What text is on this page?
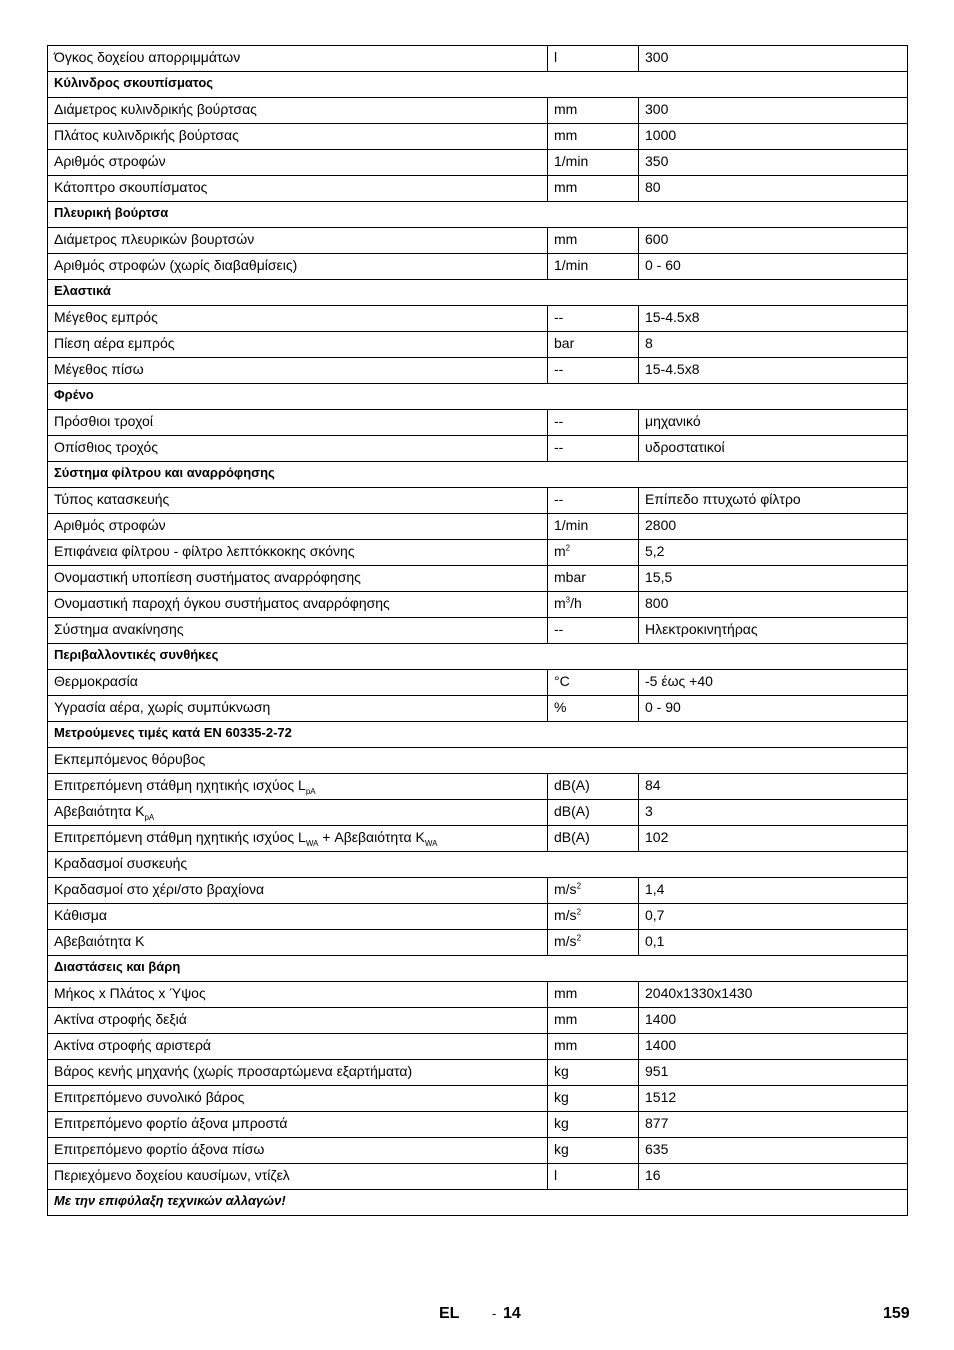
Όγκος δοχείου απορριμμάτων	l	300
Κύλινδρος σκουπίσματος		
Διάμετρος κυλινδρικής βούρτσας	mm	300
Πλάτος κυλινδρικής βούρτσας	mm	1000
Αριθμός στροφών	1/min	350
Κάτοπτρο σκουπίσματος	mm	80
Πλευρική βούρτσα		
Διάμετρος πλευρικών βουρτσών	mm	600
Αριθμός στροφών (χωρίς διαβαθμίσεις)	1/min	0 - 60
Ελαστικά		
Μέγεθος εμπρός	--	15-4.5x8
Πίεση αέρα εμπρός	bar	8
Μέγεθος πίσω	--	15-4.5x8
Φρένο		
Πρόσθιοι τροχοί	--	μηχανικό
Οπίσθιος τροχός	--	υδροστατικοί
Σύστημα φίλτρου και αναρρόφησης		
Τύπος κατασκευής	--	Επίπεδο πτυχωτό φίλτρο
Αριθμός στροφών	1/min	2800
Επιφάνεια φίλτρου - φίλτρο λεπτόκκοκης σκόνης	$m^2$	5,2
Ονομαστική υποπίεση συστήματος αναρρόφησης	mbar	15,5
Ονομαστική παροχή όγκου συστήματος αναρρόφησης	$m^3/h$	800
Σύστημα ανακίνησης	--	Ηλεκτροκινητήρας
Περιβαλλοντικές συνθήκες		
Θερμοκρασία	°C	-5 έως +40
Υγρασία αέρα, χωρίς συμπύκνωση	%	0 - 90
Μετρούμενες τιμές κατά EN 60335-2-72		
Εκπεμπόμενος θόρυβος		
Επιτρεπόμενη στάθμη ηχητικής ισχύος $L_{pA}$	dB(A)	84
Αβεβαιότητα $K_{pA}$	dB(A)	3
Επιτρεπόμενη στάθμη ηχητικής ισχύος $L_{WA} + A\beta\varepsilon\beta\alpha\iota ό\tau\eta\tau\alpha$ $K_{WA}$	dB(A)	102
Κραδασμοί συσκευής		
Κραδασμοί στο χέρι/στο βραχίονα	$m/s^2$	1,4
Κάθισμα	$m/s^2$	0,7
Αβεβαιότητα K	$m/s^2$	0,1
Διαστάσεις και βάρη		
Μήκος x Πλάτος x Ύψος	mm	2040x1330x1430
Ακτίνα στροφής δεξιά	mm	1400
Ακτίνα στροφής αριστερά	mm	1400
Βάρος κενής μηχανής (χωρίς προσαρτώμενα εξαρτήματα)	kg	951
Επιτρεπόμενο συνολικό βάρος	kg	1512
Επιτρεπόμενο φορτίο άξονα μπροστά	kg	877
Επιτρεπόμενο φορτίο άξονα πίσω	kg	635
Περιεχόμενο δοχείου καυσίμων, ντίζελ	l	16
Με την επιφύλαξη τεχνικών αλλαγών!		
EL	- 14	159
